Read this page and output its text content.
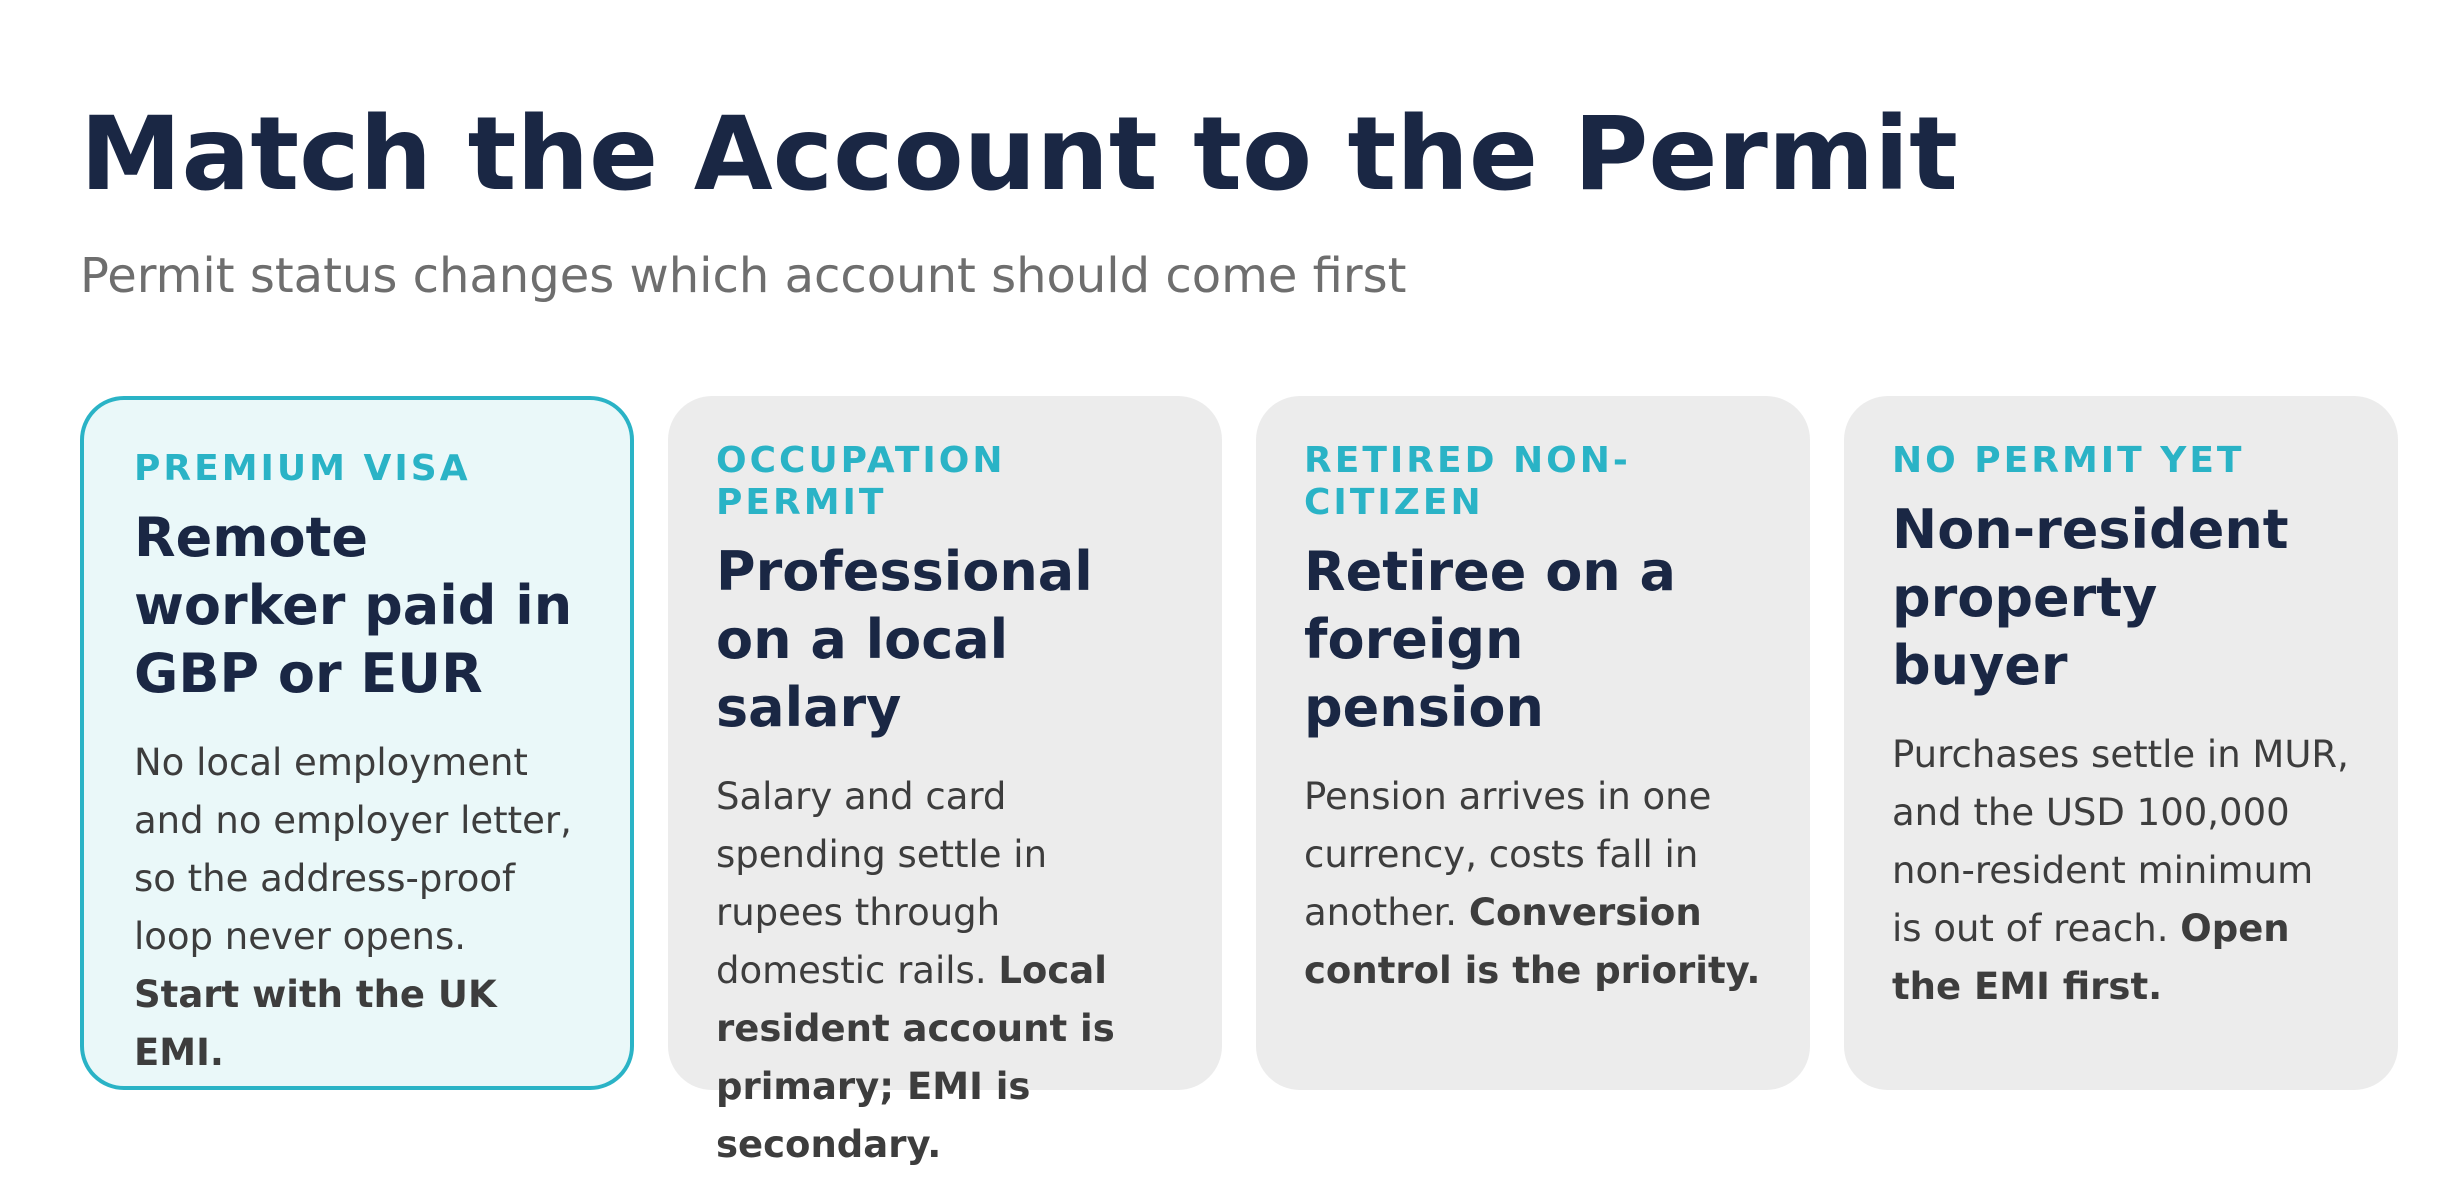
Match the Account to the Permit

Permit status changes which account should come first

PREMIUM VISA

Remote worker paid in GBP or EUR

No local employment and no employer letter, so the address-proof loop never opens. Start with the UK EMI.

OCCUPATION PERMIT

Professional on a local salary

Salary and card spending settle in rupees through domestic rails. Local resident account is primary; EMI is secondary.

RETIRED NON-CITIZEN

Retiree on a foreign pension

Pension arrives in one currency, costs fall in another. Conversion control is the priority.

NO PERMIT YET

Non-resident property buyer

Purchases settle in MUR, and the USD 100,000 non-resident minimum is out of reach. Open the EMI first.
